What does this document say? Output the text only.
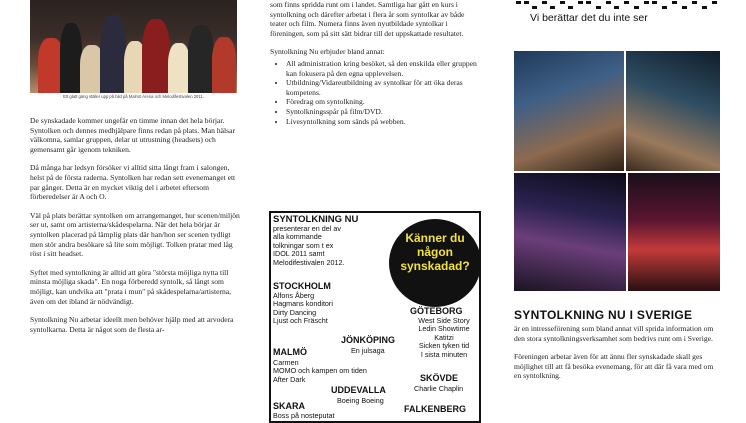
Ett glatt gäng ställer upp på bild på Malmö Arena och Melodifestivalen 2011.

De synskadade kommer ungefär en timme innan det hela börjar. Syntolken och dennes medhjälpare finns redan på plats. Man hälsar välkomna, samlar gruppen, delar ut utrustning (headsets) och gemensamt går igenom tekniken.

Då många har ledsyn försöker vi alltid sitta långt fram i salongen, helst på de första raderna. Syntolken har redan sett evenemanget ett par gånger. Detta är en mycket viktig del i arbetet eftersom förberedelser är A och O.

Väl på plats berättar syntolken om arrangemanget, hur scenen/miljön ser ut, samt om artisterna/skådespelarna. När det hela börjar är syntolken placerad på lämplig plats där han/hon ser scenen tydligt men stör andra besökare så lite som möjligt. Tolken pratar med låg röst i sitt headset.

Syftet med syntolkning är alltid att göra "största möjliga nytta till minsta möjliga skada". En noga förberedd syntolk, så långt som möjligt, kan undvika att "prata i mun" på skådespelarna/artisterna, även om det ibland är nödvändigt.

Syntolkning Nu arbetar ideellt men behöver hjälp med att arvodera syntolkarna. Detta är något som de flesta ar-

som finns spridda runt om i landet. Samtliga har gått en kurs i syntolkning och därefter arbetat i flera år som syntolkar av både teater och film. Numera finns även nyutbildade syntolkar i föreningen, som på sitt sätt bidrar till det uppskattade resultatet.

Syntolkning Nu erbjuder bland annat:

• All administration kring besöket, så den enskilda eller gruppen kan fokusera på den egna upplevelsen.
• Utbildning/Vidareutbildning av syntolkar för att öka deras kompetens.
• Föredrag om syntolkning.
• Syntolkningsspår på film/DVD.
• Livesyntolkning som sänds på webben.
SYNTOLKNING NU
presenterar en del av
alla kommande
tolkningar som t ex
IDOL 2011 samt
Melodifestivalen 2012.
Känner du
någon
synskadad?
STOCKHOLM
Alfons Åberg
Hagmans konditori
Dirty Dancing
Ljust och Fräscht
GÖTEBORG
West Side Story
Ledin Showtime
Katitzi
Sicken tyken tid
I sista minuten
JÖNKÖPING
En julsaga
MALMÖ
Carmen
MOMO och kampen om tiden
After Dark	SKÖVDE
Charlie Chaplin
UDDEVALLA
Boeing Boeing
SKARA
Boss på nosteputat
FALKENBERG
Vi berättar det du inte ser
SYNTOLKNING NU I SVERIGE

är en intresseförening som bland annat vill sprida information om den stora syntolkningsverksamhet som bedrivs runt om i Sverige.

Föreningen arbetar även för att ännu fler synskadade skall ges möjlighet till att få besöka evenemang, för att där få vara med om en syntolkning.
